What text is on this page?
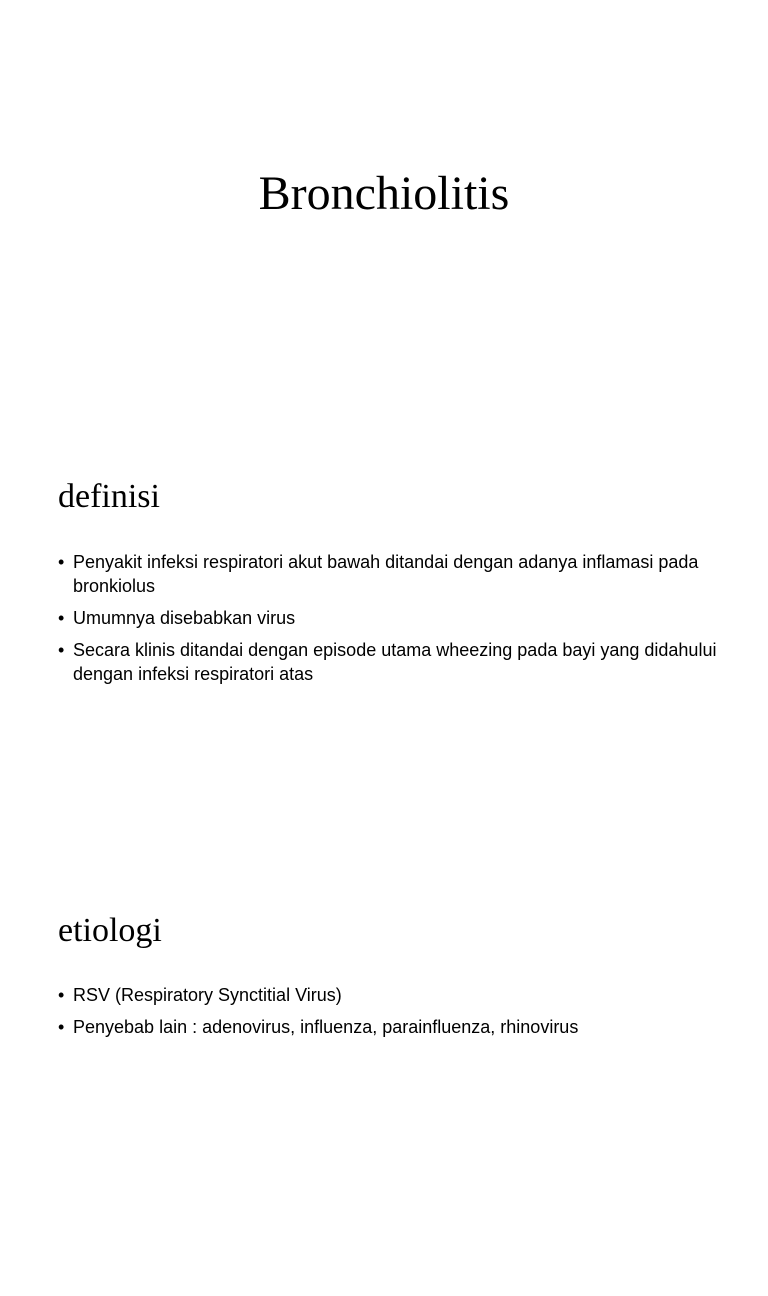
Bronchiolitis
definisi
• Penyakit infeksi respiratori akut bawah ditandai dengan adanya inflamasi pada bronkiolus
• Umumnya disebabkan virus
• Secara klinis ditandai dengan episode utama wheezing pada bayi yang didahului dengan infeksi respiratori atas
etiologi
• RSV (Respiratory Synctitial Virus)
• Penyebab lain : adenovirus, influenza, parainfluenza, rhinovirus
